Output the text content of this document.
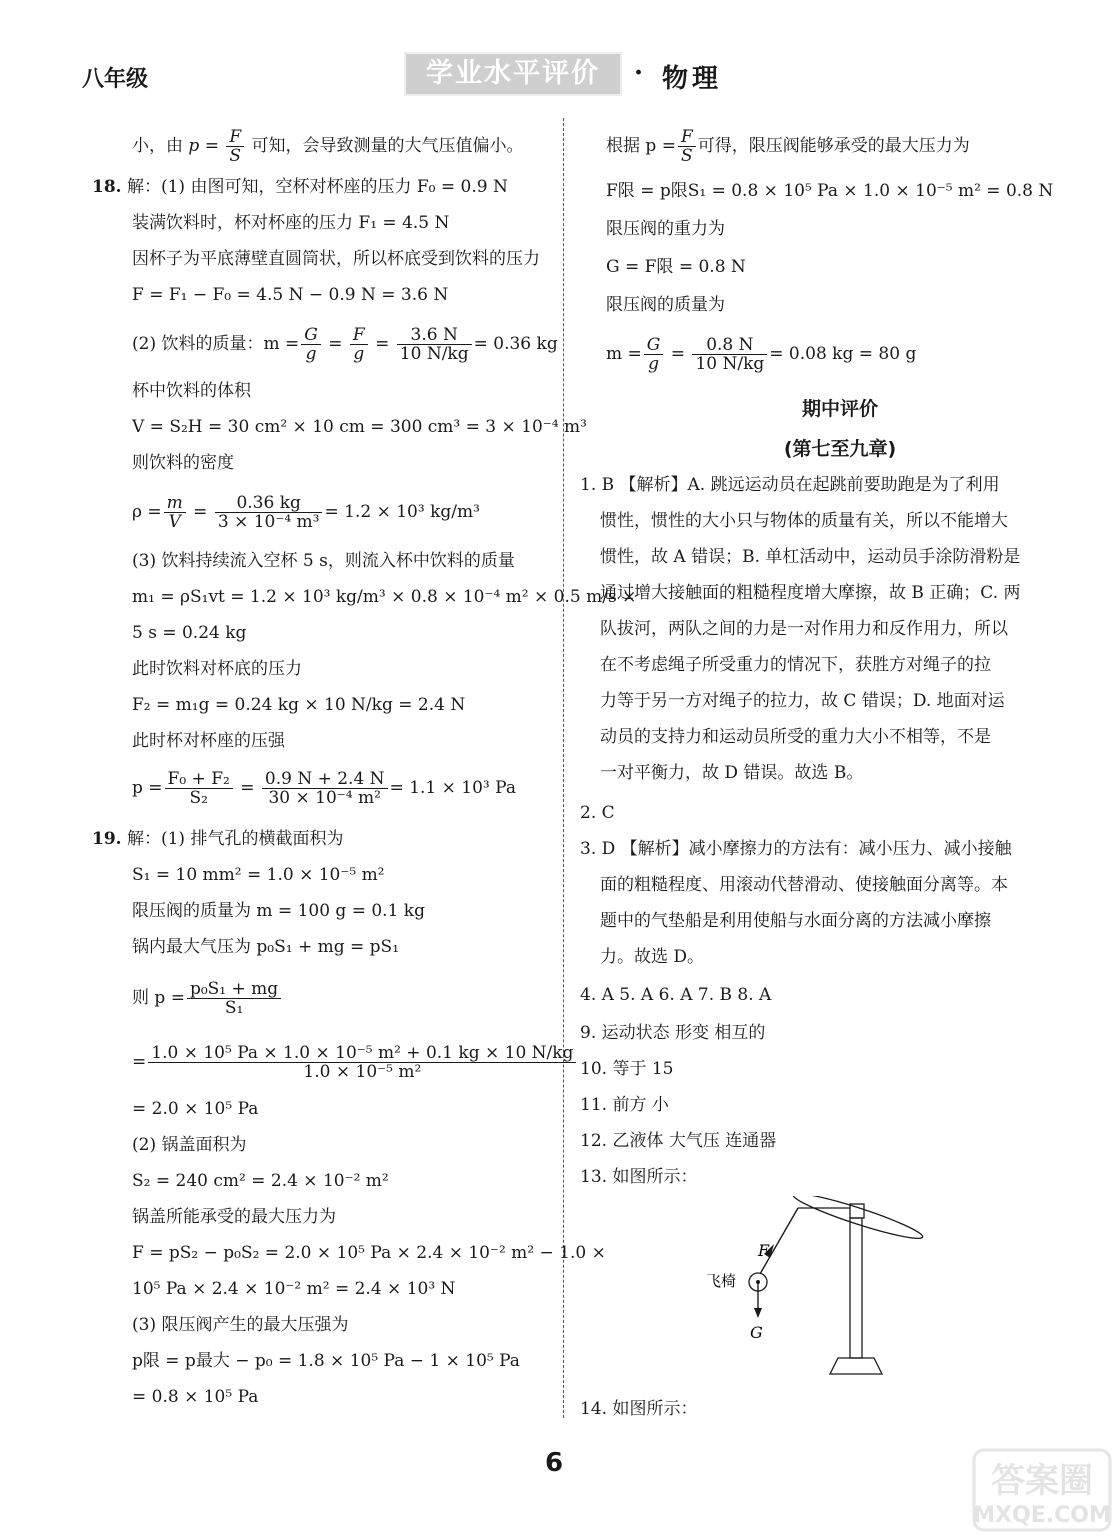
八年级	学业水平评价	· 物理
小，由 $p = \frac{F}{S}$ 可知，会导致测量的大气压值偏小。
18. 解：(1) 由图可知，空杯对杯座的压力 F₀ = 0.9 N
装满饮料时，杯对杯座的压力 F₁ = 4.5 N
因杯子为平底薄壁直圆筒状，所以杯底受到饮料的压力
F = F₁ − F₀ = 4.5 N − 0.9 N = 3.6 N
(2) 饮料的质量：$m = \frac{G}{g} = \frac{F}{g} = \frac{3.6 N}{10 N/kg} = 0.36$ kg
杯中饮料的体积
V = S₂H = 30 cm² × 10 cm = 300 cm³ = 3 × 10⁻⁴ m³
则饮料的密度
$\rho = \frac{m}{V} = \frac{0.36 kg}{\text{3 × 10⁻⁴ m³}} = 1.2 \times 10^3$ kg/m³
(3) 饮料持续流入空杯 5 s，则流入杯中饮料的质量
m₁ = ρS₁vt = 1.2 × 10³ kg/m³ × 0.8 × 10⁻⁴ m² × 0.5 m/s ×
5 s = 0.24 kg
此时饮料对杯底的压力
F₂ = m₁g = 0.24 kg × 10 N/kg = 2.4 N
此时杯对杯座的压强
$p = \frac{\text{F₀ + F₂}}{\text{S₂}} = \frac{0.9 N + 2.4 N}{\text{30 × 10⁻⁴ m²}} = 1.1 \times 10^3$ Pa
19. 解：(1) 排气孔的横截面积为
S₁ = 10 mm² = 1.0 × 10⁻⁵ m²
限压阀的质量为 m = 100 g = 0.1 kg
锅内最大气压为 p₀S₁ + mg = pS₁
则 $p = \frac{\text{p₀S₁ + mg}}{\text{S₁}}$
= $\frac{\text{1.0 × 10⁵ Pa × 1.0 × 10⁻⁵ m² + 0.1 kg × 10 N/kg}}{\text{1.0 × 10⁻⁵ m²}}$
= 2.0 × 10⁵ Pa
(2) 锅盖面积为
S₂ = 240 cm² = 2.4 × 10⁻² m²
锅盖所能承受的最大压力为
F = pS₂ − p₀S₂ = 2.0 × 10⁵ Pa × 2.4 × 10⁻² m² − 1.0 ×
10⁵ Pa × 2.4 × 10⁻² m² = 2.4 × 10³ N
(3) 限压阀产生的最大压强为
p限 = p最大 − p₀ = 1.8 × 10⁵ Pa − 1 × 10⁵ Pa
= 0.8 × 10⁵ Pa
根据 $p = \frac{F}{S}$ 可得，限压阀能够承受的最大压力为
F限 = p限S₁ = 0.8 × 10⁵ Pa × 1.0 × 10⁻⁵ m² = 0.8 N
限压阀的重力为
G = F限 = 0.8 N
限压阀的质量为
$m = \frac{G}{g} = \frac{0.8 N}{10 N/kg} = 0.08$ kg = 80 g
期中评价
(第七至九章)
1. B 【解析】A. 跳远运动员在起跳前要助跑是为了利用
惯性，惯性的大小只与物体的质量有关，所以不能增大
惯性，故 A 错误；B. 单杠活动中，运动员手涂防滑粉是
通过增大接触面的粗糙程度增大摩擦，故 B 正确；C. 两
队拔河，两队之间的力是一对作用力和反作用力，所以
在不考虑绳子所受重力的情况下，获胜方对绳子的拉
力等于另一方对绳子的拉力，故 C 错误；D. 地面对运
动员的支持力和运动员所受的重力大小不相等，不是
一对平衡力，故 D 错误。故选 B。
2. C
3. D 【解析】减小摩擦力的方法有：减小压力、减小接触
面的粗糙程度、用滚动代替滑动、使接触面分离等。本
题中的气垫船是利用使船与水面分离的方法减小摩擦
力。故选 D。
4. A 5. A 6. A 7. B 8. A
9. 运动状态 形变 相互的
10. 等于 15
11. 前方 小
12. 乙液体 大气压 连通器
13. 如图所示：
F
G
飞椅
14. 如图所示：
6	答案圈
MXQE.COM
